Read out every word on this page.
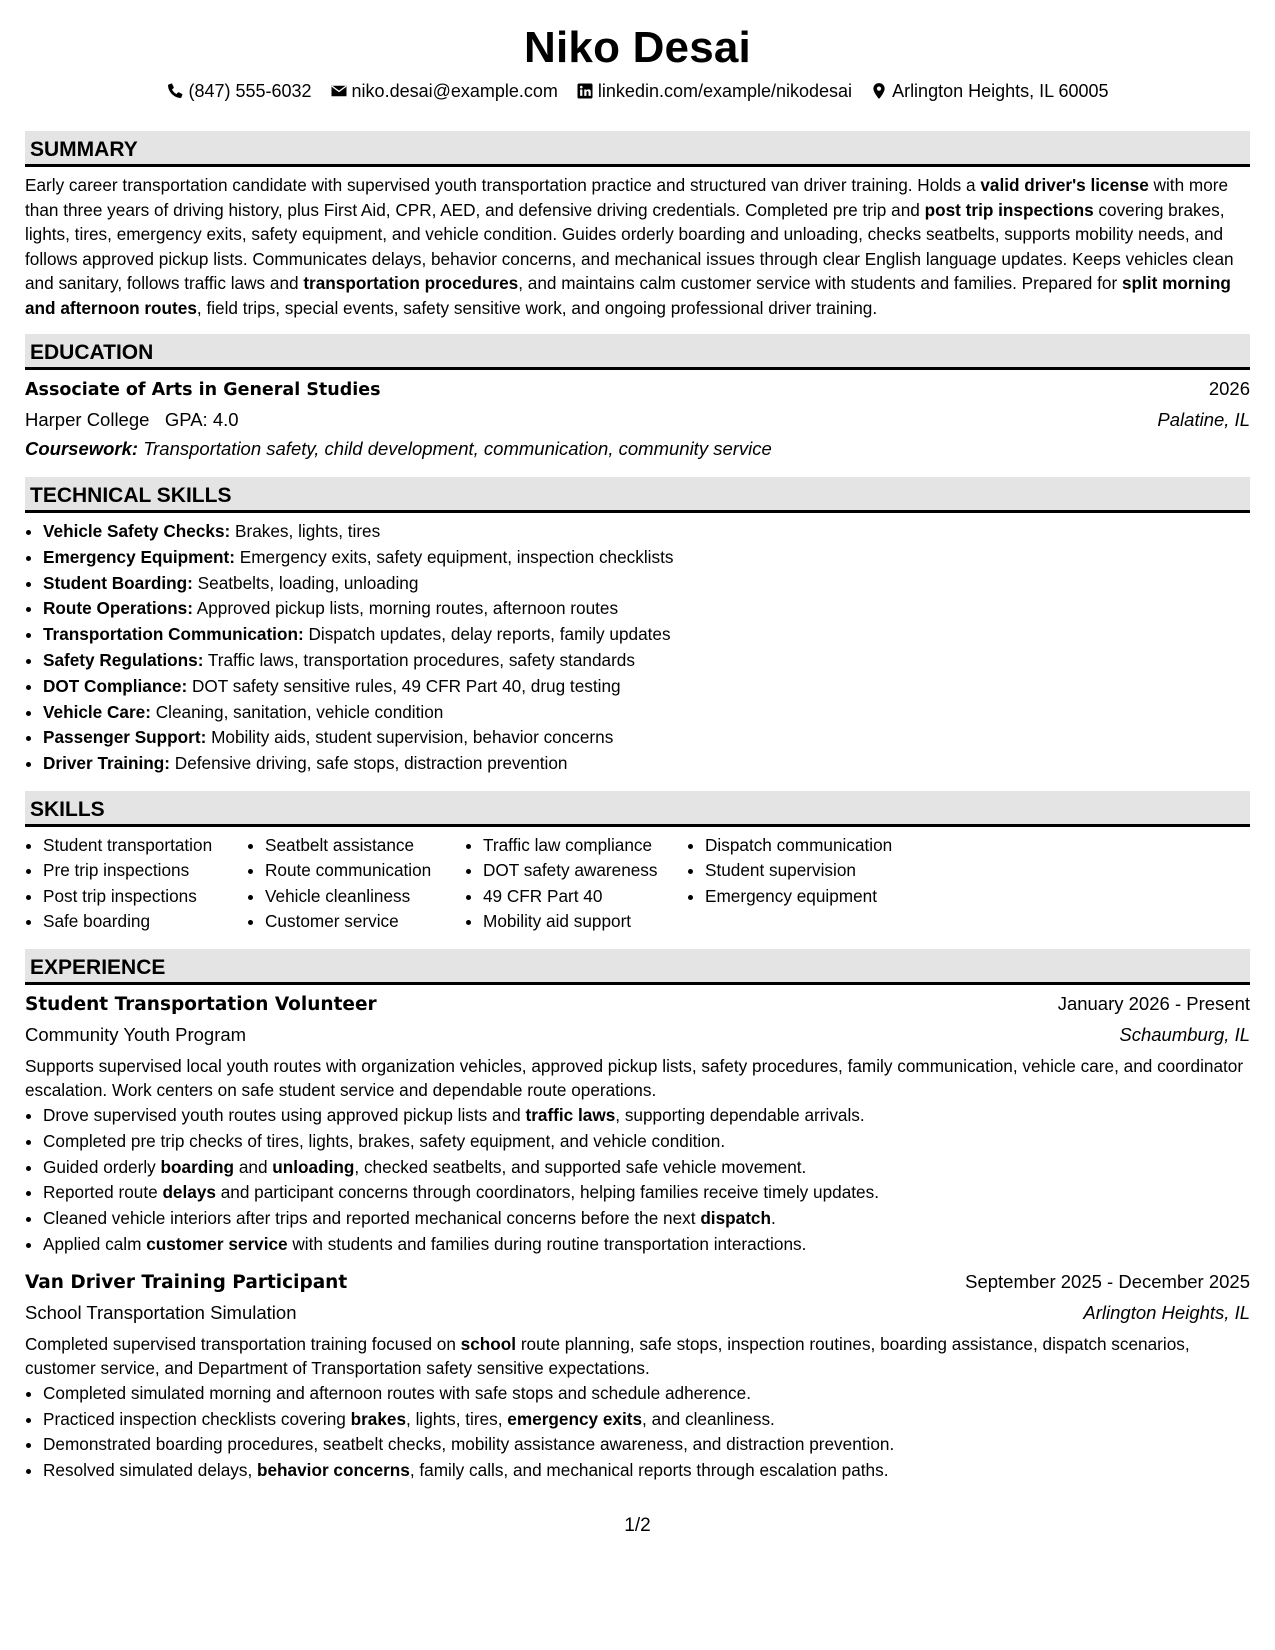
Niko Desai
(847) 555-6032 niko.desai@example.com linkedin.com/example/nikodesai Arlington Heights, IL 60005
SUMMARY
Early career transportation candidate with supervised youth transportation practice and structured van driver training. Holds a valid driver's license with more than three years of driving history, plus First Aid, CPR, AED, and defensive driving credentials. Completed pre trip and post trip inspections covering brakes, lights, tires, emergency exits, safety equipment, and vehicle condition. Guides orderly boarding and unloading, checks seatbelts, supports mobility needs, and follows approved pickup lists. Communicates delays, behavior concerns, and mechanical issues through clear English language updates. Keeps vehicles clean and sanitary, follows traffic laws and transportation procedures, and maintains calm customer service with students and families. Prepared for split morning and afternoon routes, field trips, special events, safety sensitive work, and ongoing professional driver training.
EDUCATION
Associate of Arts in General Studies	2026
Harper College GPA: 4.0	Palatine, IL
Coursework: Transportation safety, child development, communication, community service
TECHNICAL SKILLS
• Vehicle Safety Checks: Brakes, lights, tires
• Emergency Equipment: Emergency exits, safety equipment, inspection checklists
• Student Boarding: Seatbelts, loading, unloading
• Route Operations: Approved pickup lists, morning routes, afternoon routes
• Transportation Communication: Dispatch updates, delay reports, family updates
• Safety Regulations: Traffic laws, transportation procedures, safety standards
• DOT Compliance: DOT safety sensitive rules, 49 CFR Part 40, drug testing
• Vehicle Care: Cleaning, sanitation, vehicle condition
• Passenger Support: Mobility aids, student supervision, behavior concerns
• Driver Training: Defensive driving, safe stops, distraction prevention
SKILLS
• Student transportation
• Pre trip inspections
• Post trip inspections
• Safe boarding
• Seatbelt assistance
• Route communication
• Vehicle cleanliness
• Customer service
• Traffic law compliance
• DOT safety awareness
• 49 CFR Part 40
• Mobility aid support
• Dispatch communication
• Student supervision
• Emergency equipment
EXPERIENCE
Student Transportation Volunteer	January 2026 - Present
Community Youth Program	Schaumburg, IL
Supports supervised local youth routes with organization vehicles, approved pickup lists, safety procedures, family communication, vehicle care, and coordinator escalation. Work centers on safe student service and dependable route operations.
• Drove supervised youth routes using approved pickup lists and traffic laws, supporting dependable arrivals.
• Completed pre trip checks of tires, lights, brakes, safety equipment, and vehicle condition.
• Guided orderly boarding and unloading, checked seatbelts, and supported safe vehicle movement.
• Reported route delays and participant concerns through coordinators, helping families receive timely updates.
• Cleaned vehicle interiors after trips and reported mechanical concerns before the next dispatch.
• Applied calm customer service with students and families during routine transportation interactions.
Van Driver Training Participant	September 2025 - December 2025
School Transportation Simulation	Arlington Heights, IL
Completed supervised transportation training focused on school route planning, safe stops, inspection routines, boarding assistance, dispatch scenarios, customer service, and Department of Transportation safety sensitive expectations.
• Completed simulated morning and afternoon routes with safe stops and schedule adherence.
• Practiced inspection checklists covering brakes, lights, tires, emergency exits, and cleanliness.
• Demonstrated boarding procedures, seatbelt checks, mobility assistance awareness, and distraction prevention.
• Resolved simulated delays, behavior concerns, family calls, and mechanical reports through escalation paths.
1/2
